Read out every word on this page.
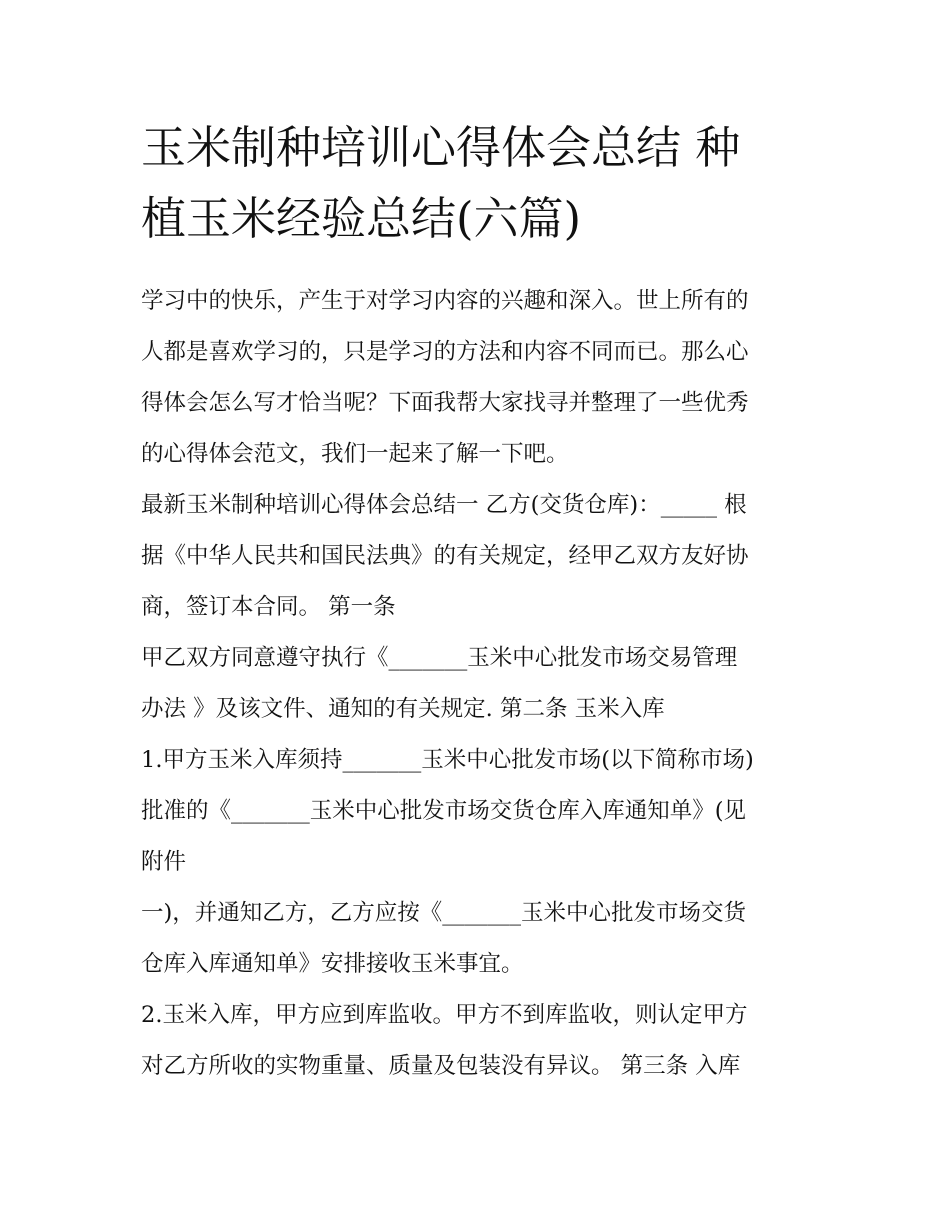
玉米制种培训心得体会总结 种
植玉米经验总结(六篇)

学习中的快乐，产生于对学习内容的兴趣和深入。世上所有的
人都是喜欢学习的，只是学习的方法和内容不同而已。那么心
得体会怎么写才恰当呢？下面我帮大家找寻并整理了一些优秀
的心得体会范文，我们一起来了解一下吧。

最新玉米制种培训心得体会总结一 乙方(交货仓库)：_____ 根
据《中华人民共和国民法典》的有关规定，经甲乙双方友好协
商，签订本合同。 第一条

甲乙双方同意遵守执行《_______玉米中心批发市场交易管理
办法 》及该文件、通知的有关规定. 第二条 玉米入库

1.甲方玉米入库须持_______玉米中心批发市场(以下简称市场)
批准的《_______玉米中心批发市场交货仓库入库通知单》(见
附件

一)，并通知乙方，乙方应按《_______玉米中心批发市场交货
仓库入库通知单》安排接收玉米事宜。

2.玉米入库，甲方应到库监收。甲方不到库监收，则认定甲方
对乙方所收的实物重量、质量及包装没有异议。 第三条 入库
